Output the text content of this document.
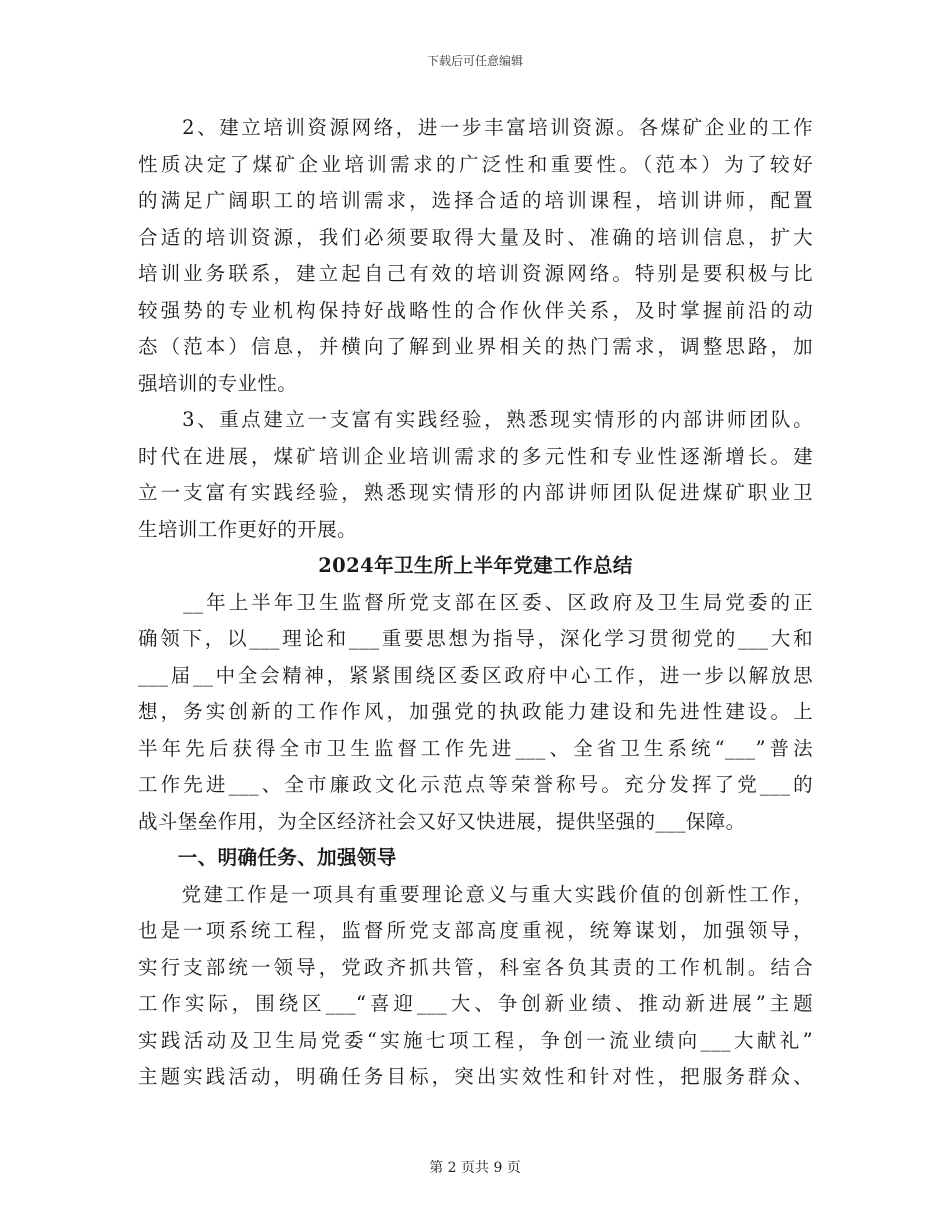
下载后可任意编辑
　　2、建立培训资源网络，进一步丰富培训资源。各煤矿企业的工作
性质决定了煤矿企业培训需求的广泛性和重要性。（范本）为了较好
的满足广阔职工的培训需求，选择合适的培训课程，培训讲师，配置
合适的培训资源，我们必须要取得大量及时、准确的培训信息，扩大
培训业务联系，建立起自己有效的培训资源网络。特别是要积极与比
较强势的专业机构保持好战略性的合作伙伴关系，及时掌握前沿的动
态（范本）信息，并横向了解到业界相关的热门需求，调整思路，加
强培训的专业性。
　　3、重点建立一支富有实践经验，熟悉现实情形的内部讲师团队。
时代在进展，煤矿培训企业培训需求的多元性和专业性逐渐增长。建
立一支富有实践经验，熟悉现实情形的内部讲师团队促进煤矿职业卫
生培训工作更好的开展。
2024年卫生所上半年党建工作总结
　　__年上半年卫生监督所党支部在区委、区政府及卫生局党委的正
确领下，以___理论和___重要思想为指导，深化学习贯彻党的___大和
___届__中全会精神，紧紧围绕区委区政府中心工作，进一步以解放思
想，务实创新的工作作风，加强党的执政能力建设和先进性建设。上
半年先后获得全市卫生监督工作先进___、全省卫生系统“___”普法
工作先进___、全市廉政文化示范点等荣誉称号。充分发挥了党___的
战斗堡垒作用，为全区经济社会又好又快进展，提供坚强的___保障。
　　一、明确任务、加强领导
　　党建工作是一项具有重要理论意义与重大实践价值的创新性工作，
也是一项系统工程，监督所党支部高度重视，统筹谋划，加强领导，
实行支部统一领导，党政齐抓共管，科室各负其责的工作机制。结合
工作实际，围绕区___“喜迎___大、争创新业绩、推动新进展”主题
实践活动及卫生局党委“实施七项工程，争创一流业绩向___大献礼”
主题实践活动，明确任务目标，突出实效性和针对性，把服务群众、
第 2 页共 9 页
